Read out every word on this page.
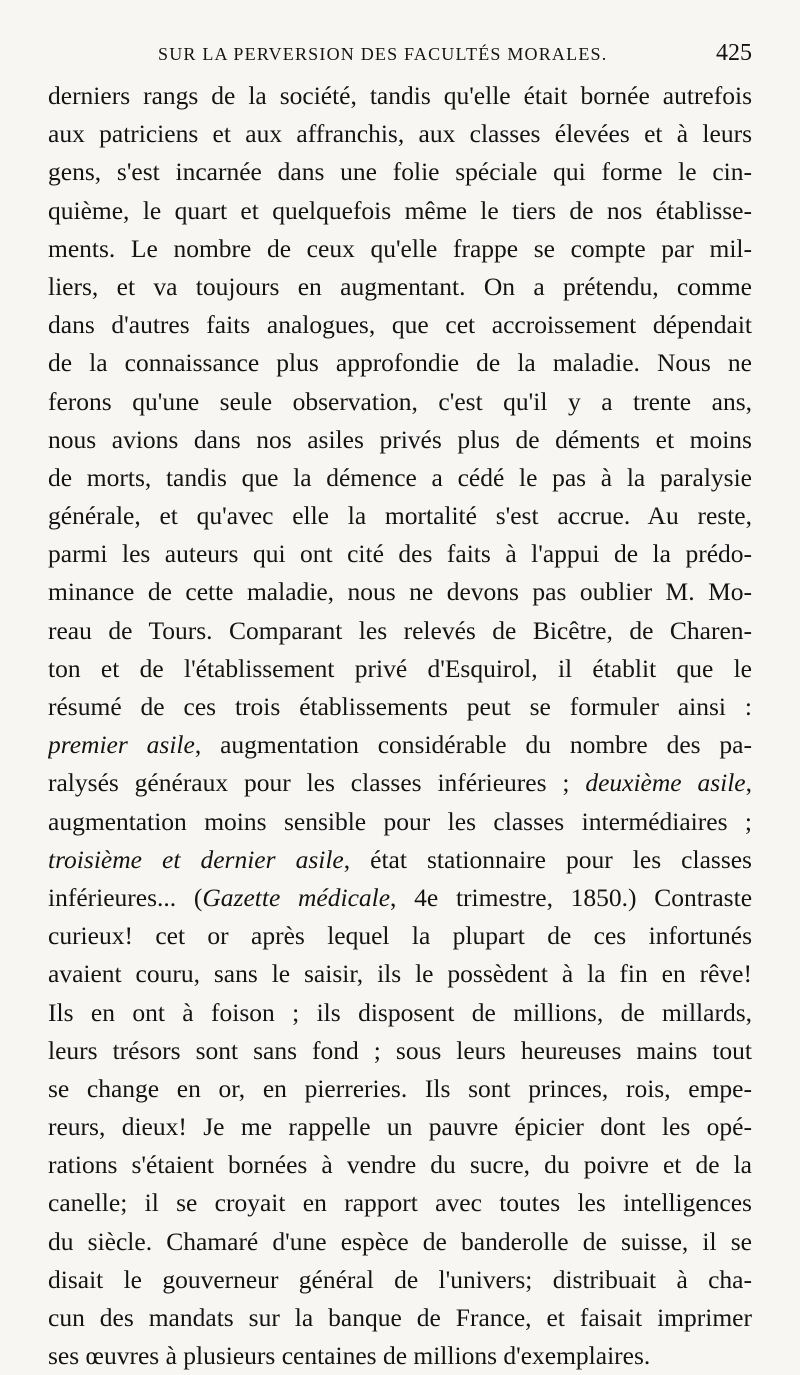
SUR LA PERVERSION DES FACULTÉS MORALES.	425
derniers rangs de la société, tandis qu'elle était bornée autrefois
aux patriciens et aux affranchis, aux classes élevées et à leurs
gens, s'est incarnée dans une folie spéciale qui forme le cin-
quième, le quart et quelquefois même le tiers de nos établisse-
ments. Le nombre de ceux qu'elle frappe se compte par mil-
liers, et va toujours en augmentant. On a prétendu, comme
dans d'autres faits analogues, que cet accroissement dépendait
de la connaissance plus approfondie de la maladie. Nous ne
ferons qu'une seule observation, c'est qu'il y a trente ans,
nous avions dans nos asiles privés plus de déments et moins
de morts, tandis que la démence a cédé le pas à la paralysie
générale, et qu'avec elle la mortalité s'est accrue. Au reste,
parmi les auteurs qui ont cité des faits à l'appui de la prédo-
minance de cette maladie, nous ne devons pas oublier M. Mo-
reau de Tours. Comparant les relevés de Bicêtre, de Charen-
ton et de l'établissement privé d'Esquirol, il établit que le
résumé de ces trois établissements peut se formuler ainsi :
premier asile, augmentation considérable du nombre des pa-
ralysés généraux pour les classes inférieures ; deuxième asile,
augmentation moins sensible pour les classes intermédiaires ;
troisième et dernier asile, état stationnaire pour les classes
inférieures... (Gazette médicale, 4e trimestre, 1850.) Contraste
curieux! cet or après lequel la plupart de ces infortunés
avaient couru, sans le saisir, ils le possèdent à la fin en rêve!
Ils en ont à foison ; ils disposent de millions, de millards,
leurs trésors sont sans fond ; sous leurs heureuses mains tout
se change en or, en pierreries. Ils sont princes, rois, empe-
reurs, dieux! Je me rappelle un pauvre épicier dont les opé-
rations s'étaient bornées à vendre du sucre, du poivre et de la
canelle; il se croyait en rapport avec toutes les intelligences
du siècle. Chamaré d'une espèce de banderolle de suisse, il se
disait le gouverneur général de l'univers; distribuait à cha-
cun des mandats sur la banque de France, et faisait imprimer
ses œuvres à plusieurs centaines de millions d'exemplaires.
